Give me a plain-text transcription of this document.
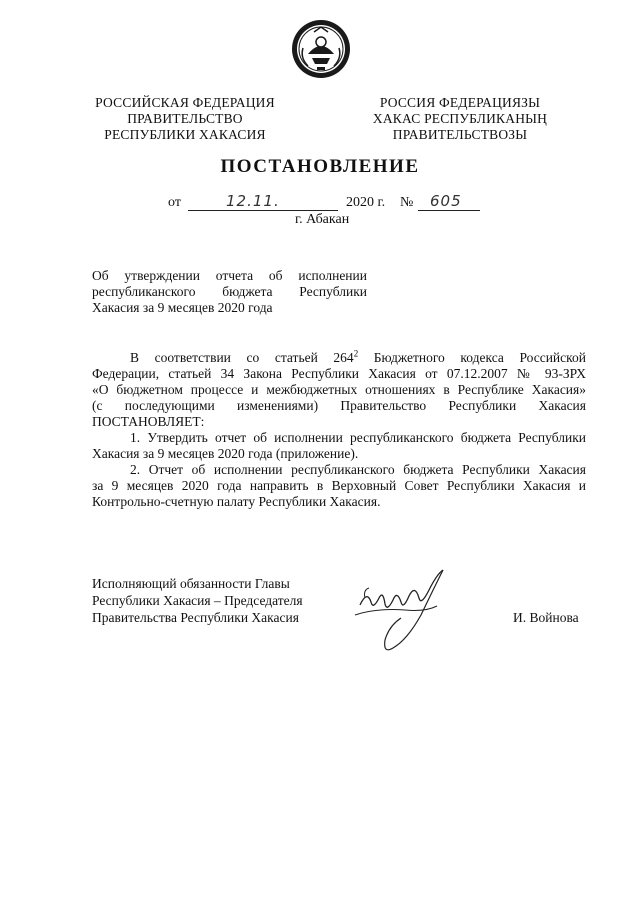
РОССИЙСКАЯ ФЕДЕРАЦИЯ
ПРАВИТЕЛЬСТВО
РЕСПУБЛИКИ ХАКАСИЯ
РОССИЯ ФЕДЕРАЦИЯЗЫ
ХАКАС РЕСПУБЛИКАНЫҢ
ПРАВИТЕЛЬСТВОЗЫ
ПОСТАНОВЛЕНИЕ
от	12.11.	2020 г. № 605
г. Абакан
Об утверждении отчета об исполнении
республиканского бюджета Республики
Хакасия за 9 месяцев 2020 года
В соответствии со статьей $264^2$ Бюджетного кодекса Российской
Федерации, статьей 34 Закона Республики Хакасия от 07.12.2007 № 93-ЗРХ
«О бюджетном процессе и межбюджетных отношениях в Республике Хакасия»
(с последующими изменениями) Правительство Республики Хакасия
ПОСТАНОВЛЯЕТ:
1. Утвердить отчет об исполнении республиканского бюджета Республики
Хакасия за 9 месяцев 2020 года (приложение).
2. Отчет об исполнении республиканского бюджета Республики Хакасия
за 9 месяцев 2020 года направить в Верховный Совет Республики Хакасия и
Контрольно-счетную палату Республики Хакасия.
Исполняющий обязанности Главы
Республики Хакасия – Председателя
Правительства Республики Хакасия	И. Войнова
